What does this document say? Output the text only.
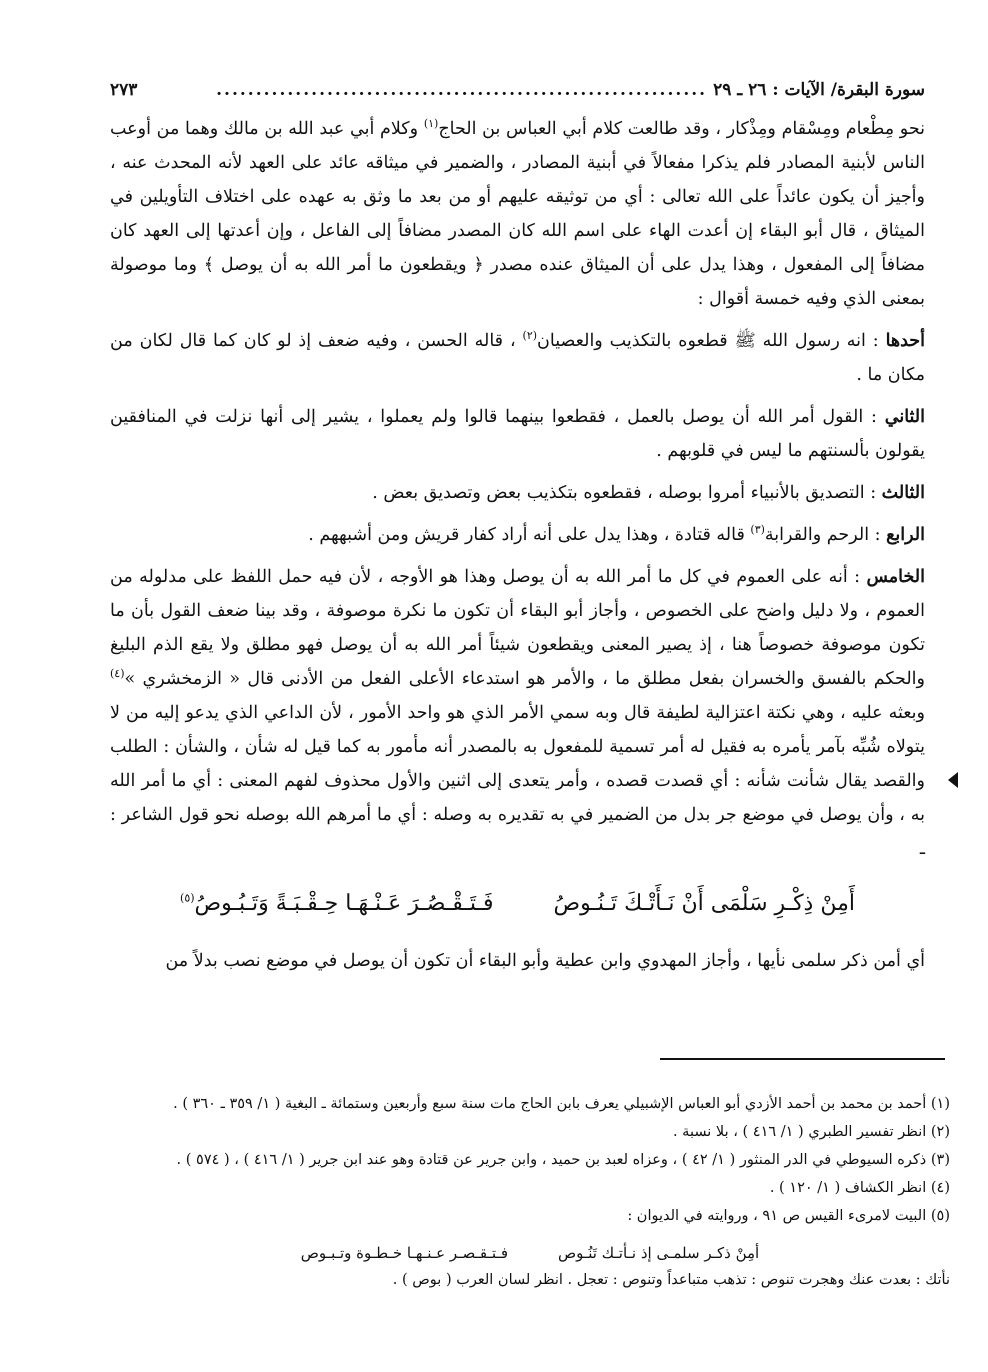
سورة البقرة/ الآيات : ٢٦ ـ ٢٩
..............................................................
٢٧٣

نحو مِطْعام ومِسْقام ومِذْكار ، وقد طالعت كلام أبي العباس بن الحاج$^{(١)}$ وكلام أبي عبد الله بن مالك وهما من أوعب الناس لأبنية المصادر فلم يذكرا مفعالاً في أبنية المصادر ، والضمير في ميثاقه عائد على العهد لأنه المحدث عنه ، وأجيز أن يكون عائداً على الله تعالى : أي من توثيقه عليهم أو من بعد ما وثق به عهده على اختلاف التأويلين في الميثاق ، قال أبو البقاء إن أعدت الهاء على اسم الله كان المصدر مضافاً إلى الفاعل ، وإن أعدتها إلى العهد كان مضافاً إلى المفعول ، وهذا يدل على أن الميثاق عنده مصدر ﴿ ويقطعون ما أمر الله به أن يوصل ﴾ وما موصولة بمعنى الذي وفيه خمسة أقوال :

أحدها : انه رسول الله ﷺ قطعوه بالتكذيب والعصيان$^{(٢)}$ ، قاله الحسن ، وفيه ضعف إذ لو كان كما قال لكان من مكان ما .

الثاني : القول أمر الله أن يوصل بالعمل ، فقطعوا بينهما قالوا ولم يعملوا ، يشير إلى أنها نزلت في المنافقين يقولون بألسنتهم ما ليس في قلوبهم .

الثالث : التصديق بالأنبياء أمروا بوصله ، فقطعوه بتكذيب بعض وتصديق بعض .

الرابع : الرحم والقرابة$^{(٣)}$ قاله قتادة ، وهذا يدل على أنه أراد كفار قريش ومن أشبههم .

الخامس : أنه على العموم في كل ما أمر الله به أن يوصل وهذا هو الأوجه ، لأن فيه حمل اللفظ على مدلوله من العموم ، ولا دليل واضح على الخصوص ، وأجاز أبو البقاء أن تكون ما نكرة موصوفة ، وقد بينا ضعف القول بأن ما تكون موصوفة خصوصاً هنا ، إذ يصير المعنى ويقطعون شيئاً أمر الله به أن يوصل فهو مطلق ولا يقع الذم البليغ والحكم بالفسق والخسران بفعل مطلق ما ، والأمر هو استدعاء الأعلى الفعل من الأدنى قال « الزمخشري »$^{(٤)}$ وبعثه عليه ، وهي نكتة اعتزالية لطيفة قال وبه سمي الأمر الذي هو واحد الأمور ، لأن الداعي الذي يدعو إليه من لا يتولاه شُبِّه بآمر يأمره به فقيل له أمر تسمية للمفعول به بالمصدر أنه مأمور به كما قيل له شأن ، والشأن : الطلب والقصد يقال شأنت شأنه : أي قصدت قصده ، وأمر يتعدى إلى اثنين والأول محذوف لفهم المعنى : أي ما أمر الله به ، وأن يوصل في موضع جر بدل من الضمير في به تقديره به وصله : أي ما أمرهم الله بوصله نحو قول الشاعر : ـ

أَمِنْ ذِكْـرِ سَلْمَى أَنْ نَـأَتْـكَ تَـنُـوصُ
فَـتَـقْـصُـرَ عَـنْـهَـا حِـقْـبَـةً وَتَـبُـوصُ$^{(٥)}$

أي أمن ذكر سلمى نأيها ، وأجاز المهدوي وابن عطية وأبو البقاء أن تكون أن يوصل في موضع نصب بدلاً من

(١) أحمد بن محمد بن أحمد الأزدي أبو العباس الإشبيلي يعرف بابن الحاج مات سنة سبع وأربعين وستمائة ـ البغية ( ١/ ٣٥٩ ـ ٣٦٠ ) .

(٢) انظر تفسير الطبري ( ١/ ٤١٦ ) ، بلا نسبة .

(٣) ذكره السيوطي في الدر المنثور ( ١/ ٤٢ ) ، وعزاه لعبد بن حميد ، وابن جرير عن قتادة وهو عند ابن جرير ( ١/ ٤١٦ ) ، ( ٥٧٤ ) .

(٤) انظر الكشاف ( ١/ ١٢٠ ) .

(٥) البيت لامرىء القيس ص ٩١ ، وروايته في الديوان :

أمِنْ ذكـر سلمـى إذ نـأتـك تَنُـوص
فـتـقـصـر عـنـهـا خـطـوة وتـبـوص

نأتك : بعدت عنك وهجرت تنوص : تذهب متباعداً وتنوص : تعجل . انظر لسان العرب ( بوص ) .
